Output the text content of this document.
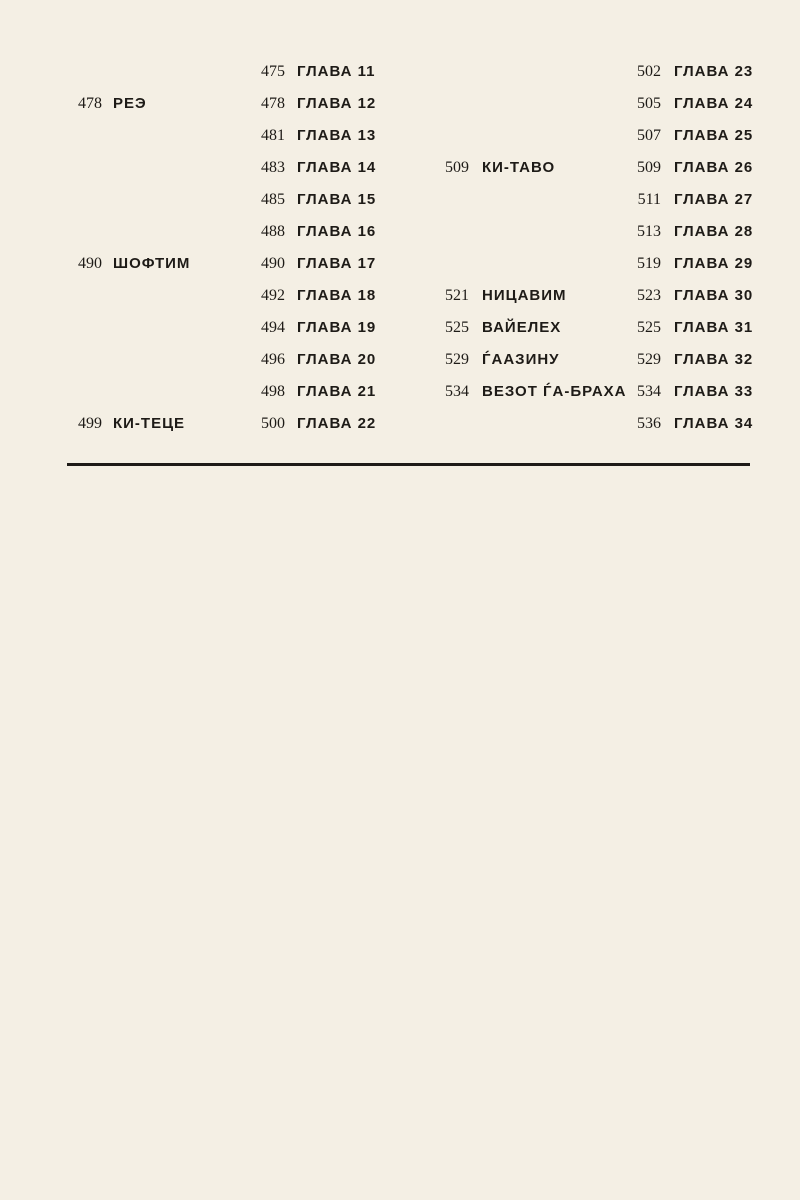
475 ГЛАВА 11	502 ГЛАВА 23
478 РЕЭ	478 ГЛАВА 12	505 ГЛАВА 24
481 ГЛАВА 13	507 ГЛАВА 25
483 ГЛАВА 14	509 КИ-ТАВО	509 ГЛАВА 26
485 ГЛАВА 15	511 ГЛАВА 27
488 ГЛАВА 16	513 ГЛАВА 28
490 ШОФТИМ	490 ГЛАВА 17	519 ГЛАВА 29
492 ГЛАВА 18	521 НИЦАВИМ	523 ГЛАВА 30
494 ГЛАВА 19	525 ВАЙЕЛЕХ	525 ГЛАВА 31
496 ГЛАВА 20	529 ЃААЗИНУ	529 ГЛАВА 32
498 ГЛАВА 21	534 ВЕЗОТ ЃА-БРАХА 534 ГЛАВА 33
499 КИ-ТЕЦЕ	500 ГЛАВА 22	536 ГЛАВА 34
